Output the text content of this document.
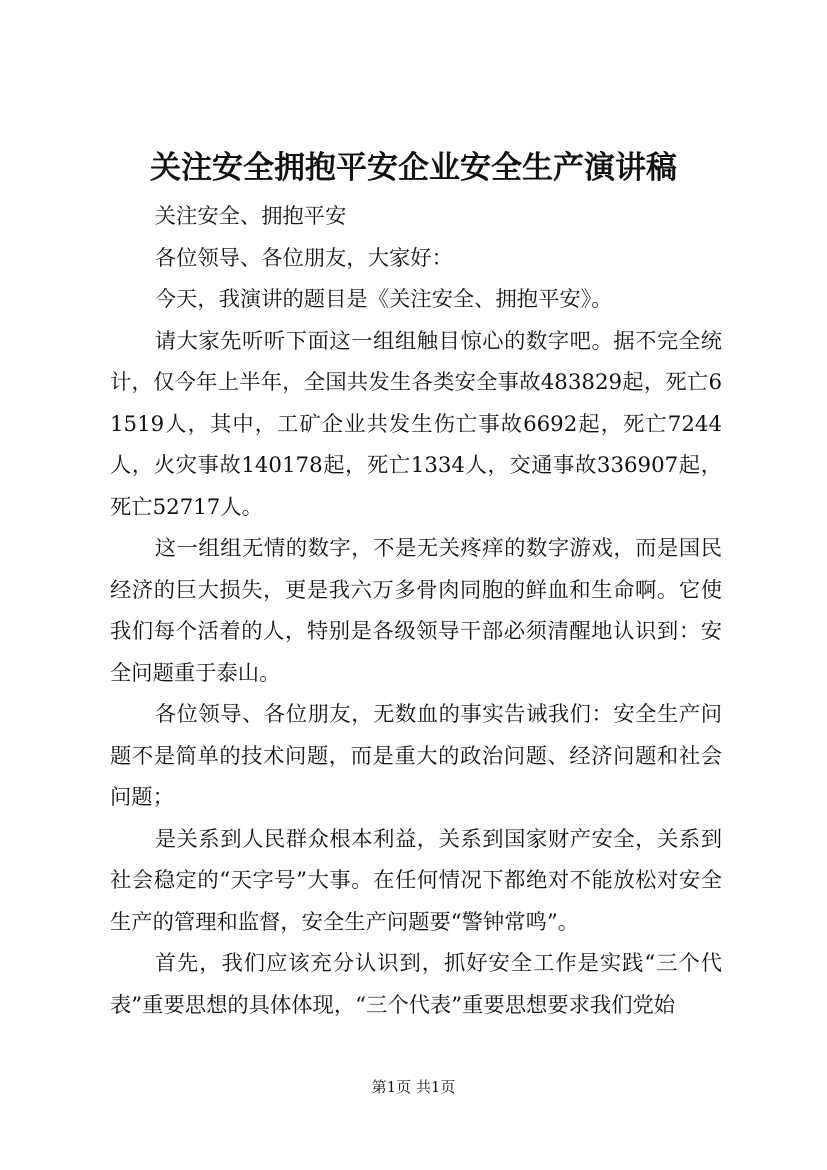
关注安全拥抱平安企业安全生产演讲稿

关注安全、拥抱平安

各位领导、各位朋友，大家好：

今天，我演讲的题目是《关注安全、拥抱平安》。

请大家先听听下面这一组组触目惊心的数字吧。据不完全统计，仅今年上半年，全国共发生各类安全事故483829起，死亡61519人，其中，工矿企业共发生伤亡事故6692起，死亡7244人，火灾事故140178起，死亡1334人，交通事故336907起，死亡52717人。

这一组组无情的数字，不是无关疼痒的数字游戏，而是国民经济的巨大损失，更是我六万多骨肉同胞的鲜血和生命啊。它使我们每个活着的人，特别是各级领导干部必须清醒地认识到：安全问题重于泰山。

各位领导、各位朋友，无数血的事实告诫我们：安全生产问题不是简单的技术问题，而是重大的政治问题、经济问题和社会问题；

是关系到人民群众根本利益，关系到国家财产安全，关系到社会稳定的“天字号”大事。在任何情况下都绝对不能放松对安全生产的管理和监督，安全生产问题要“警钟常鸣”。

首先，我们应该充分认识到，抓好安全工作是实践“三个代表”重要思想的具体体现，“三个代表”重要思想要求我们党始

第1页 共1页
